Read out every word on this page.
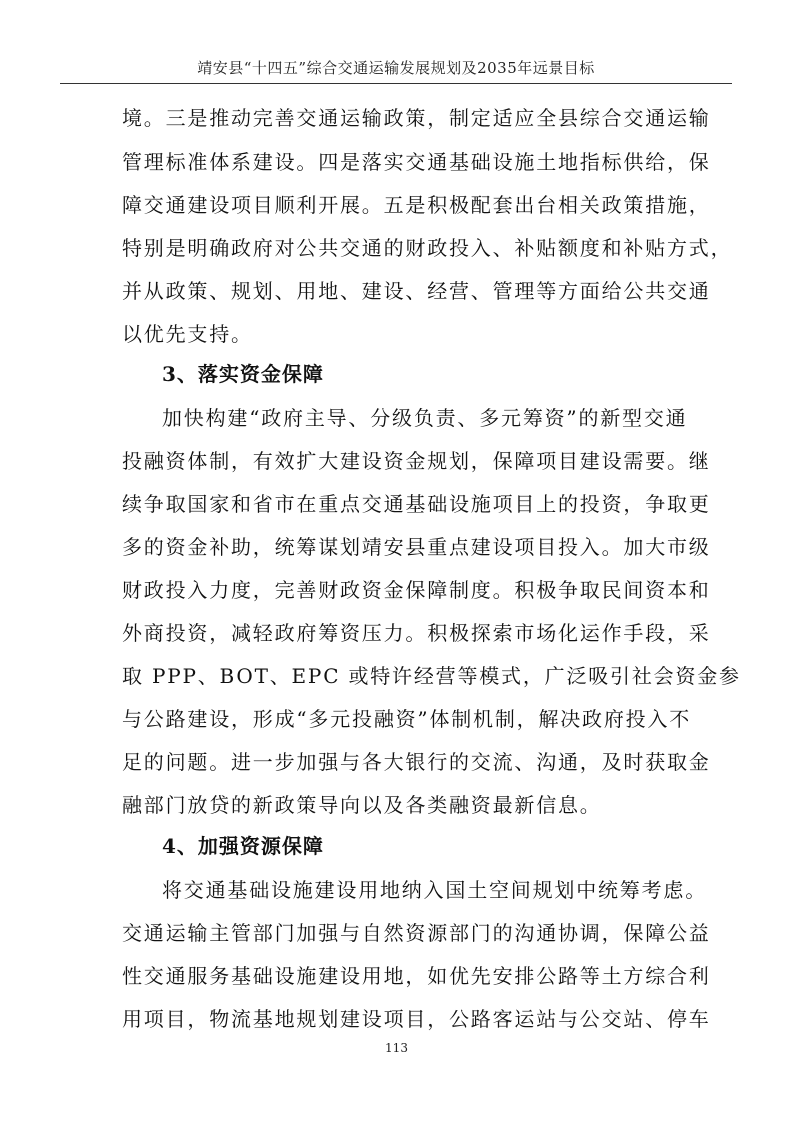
靖安县“十四五”综合交通运输发展规划及2035年远景目标
境。三是推动完善交通运输政策，制定适应全县综合交通运输
管理标准体系建设。四是落实交通基础设施土地指标供给，保
障交通建设项目顺利开展。五是积极配套出台相关政策措施，
特别是明确政府对公共交通的财政投入、补贴额度和补贴方式，
并从政策、规划、用地、建设、经营、管理等方面给公共交通
以优先支持。
3、落实资金保障
加快构建“政府主导、分级负责、多元筹资”的新型交通
投融资体制，有效扩大建设资金规划，保障项目建设需要。继
续争取国家和省市在重点交通基础设施项目上的投资，争取更
多的资金补助，统筹谋划靖安县重点建设项目投入。加大市级
财政投入力度，完善财政资金保障制度。积极争取民间资本和
外商投资，减轻政府筹资压力。积极探索市场化运作手段，采
取 PPP、BOT、EPC 或特许经营等模式，广泛吸引社会资金参
与公路建设，形成“多元投融资”体制机制，解决政府投入不
足的问题。进一步加强与各大银行的交流、沟通，及时获取金
融部门放贷的新政策导向以及各类融资最新信息。
4、加强资源保障
将交通基础设施建设用地纳入国土空间规划中统筹考虑。
交通运输主管部门加强与自然资源部门的沟通协调，保障公益
性交通服务基础设施建设用地，如优先安排公路等土方综合利
用项目，物流基地规划建设项目，公路客运站与公交站、停车
113
